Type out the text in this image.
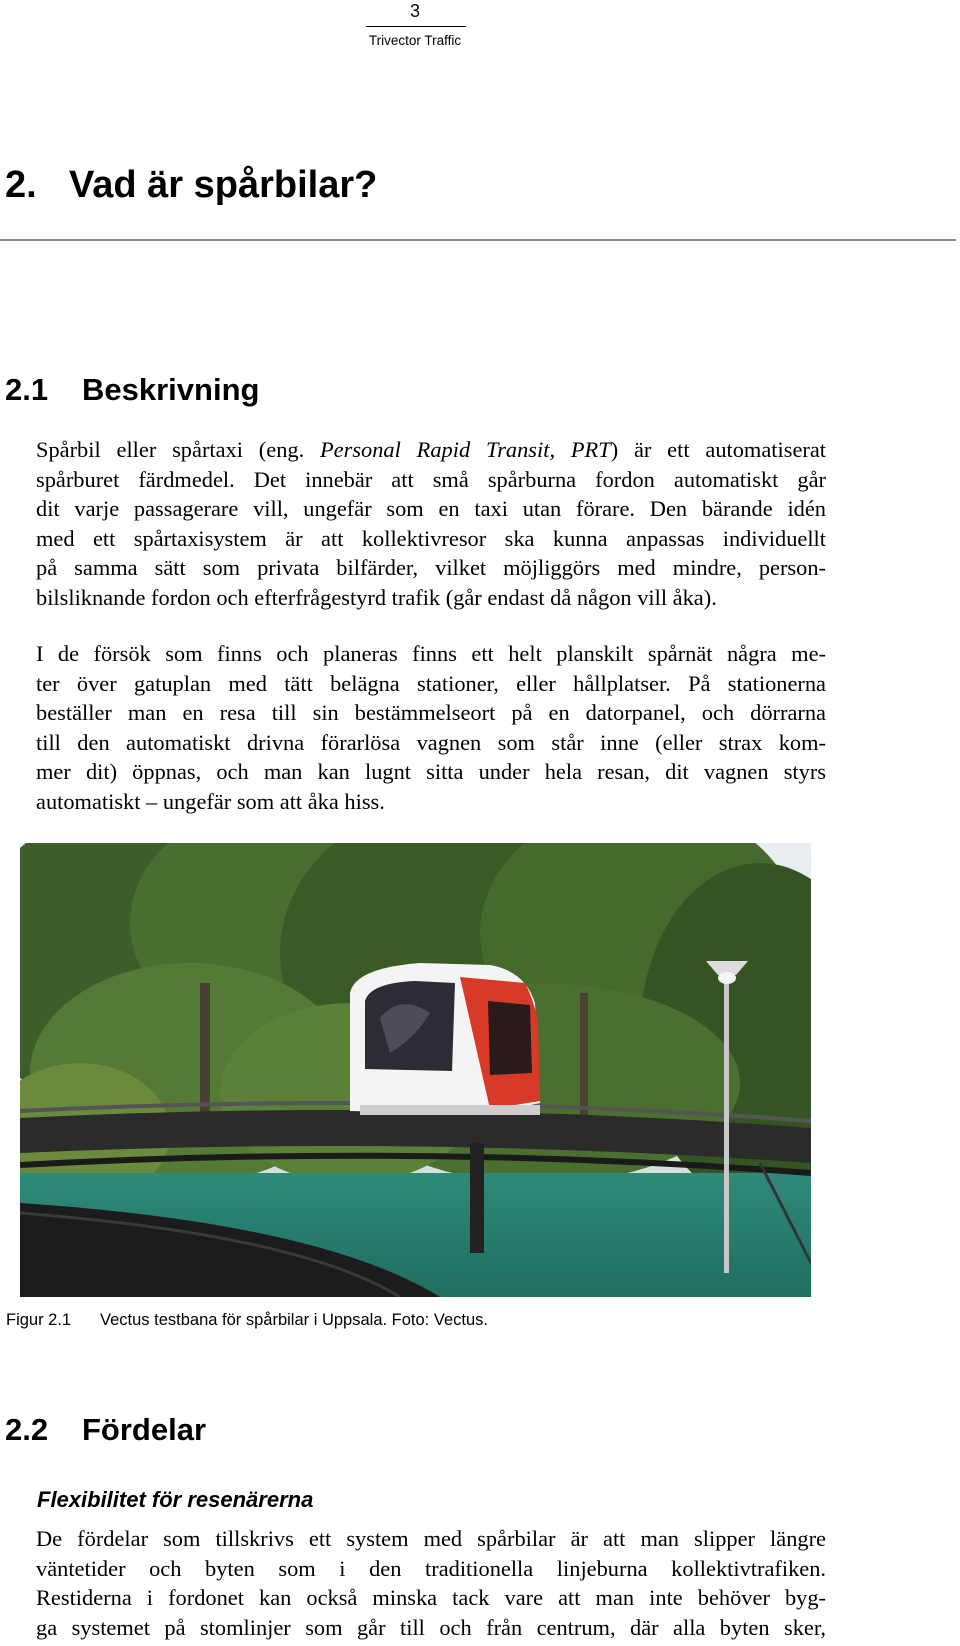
3
Trivector Traffic
2. Vad är spårbilar?
2.1 Beskrivning
Spårbil eller spårtaxi (eng. Personal Rapid Transit, PRT) är ett automatiserat
spårburet färdmedel. Det innebär att små spårburna fordon automatiskt går
dit varje passagerare vill, ungefär som en taxi utan förare. Den bärande idén
med ett spårtaxisystem är att kollektivresor ska kunna anpassas individuellt
på samma sätt som privata bilfärder, vilket möjliggörs med mindre, person-
bilsliknande fordon och efterfrågestyrd trafik (går endast då någon vill åka).
I de försök som finns och planeras finns ett helt planskilt spårnät några me-
ter över gatuplan med tätt belägna stationer, eller hållplatser. På stationerna
beställer man en resa till sin bestämmelseort på en datorpanel, och dörrarna
till den automatiskt drivna förarlösa vagnen som står inne (eller strax kom-
mer dit) öppnas, och man kan lugnt sitta under hela resan, dit vagnen styrs
automatiskt – ungefär som att åka hiss.
Figur 2.1 Vectus testbana för spårbilar i Uppsala. Foto: Vectus.
2.2 Fördelar
Flexibilitet för resenärerna
De fördelar som tillskrivs ett system med spårbilar är att man slipper längre
väntetider och byten som i den traditionella linjeburna kollektivtrafiken.
Restiderna i fordonet kan också minska tack vare att man inte behöver byg-
ga systemet på stomlinjer som går till och från centrum, där alla byten sker,
